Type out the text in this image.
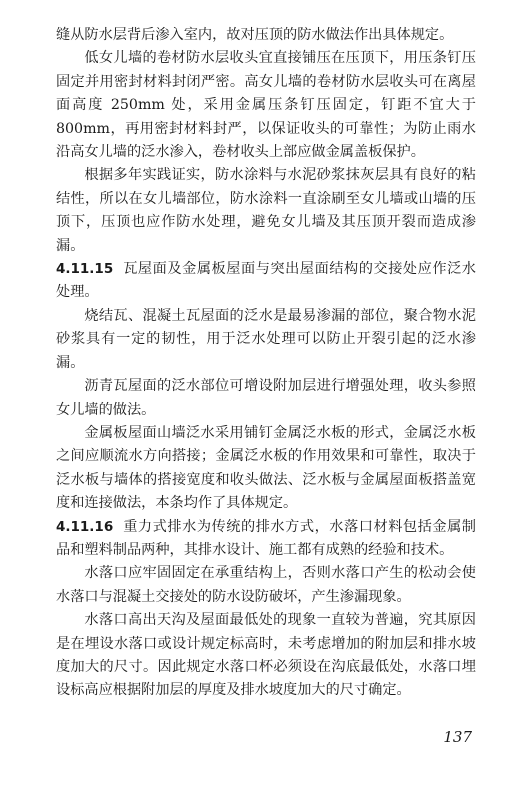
缝从防水层背后渗入室内，故对压顶的防水做法作出具体规定。

低女儿墙的卷材防水层收头宜直接铺压在压顶下，用压条钉压固定并用密封材料封闭严密。高女儿墙的卷材防水层收头可在离屋面高度 250mm 处，采用金属压条钉压固定，钉距不宜大于 800mm，再用密封材料封严，以保证收头的可靠性；为防止雨水沿高女儿墙的泛水渗入，卷材收头上部应做金属盖板保护。

根据多年实践证实，防水涂料与水泥砂浆抹灰层具有良好的粘结性，所以在女儿墙部位，防水涂料一直涂刷至女儿墙或山墙的压顶下，压顶也应作防水处理，避免女儿墙及其压顶开裂而造成渗漏。

4.11.15 瓦屋面及金属板屋面与突出屋面结构的交接处应作泛水处理。

烧结瓦、混凝土瓦屋面的泛水是最易渗漏的部位，聚合物水泥砂浆具有一定的韧性，用于泛水处理可以防止开裂引起的泛水渗漏。

沥青瓦屋面的泛水部位可增设附加层进行增强处理，收头参照女儿墙的做法。

金属板屋面山墙泛水采用铺钉金属泛水板的形式，金属泛水板之间应顺流水方向搭接；金属泛水板的作用效果和可靠性，取决于泛水板与墙体的搭接宽度和收头做法、泛水板与金属屋面板搭盖宽度和连接做法，本条均作了具体规定。

4.11.16 重力式排水为传统的排水方式，水落口材料包括金属制品和塑料制品两种，其排水设计、施工都有成熟的经验和技术。

水落口应牢固固定在承重结构上，否则水落口产生的松动会使水落口与混凝土交接处的防水设防破坏，产生渗漏现象。

水落口高出天沟及屋面最低处的现象一直较为普遍，究其原因是在埋设水落口或设计规定标高时，未考虑增加的附加层和排水坡度加大的尺寸。因此规定水落口杯必须设在沟底最低处，水落口埋设标高应根据附加层的厚度及排水坡度加大的尺寸确定。

137
